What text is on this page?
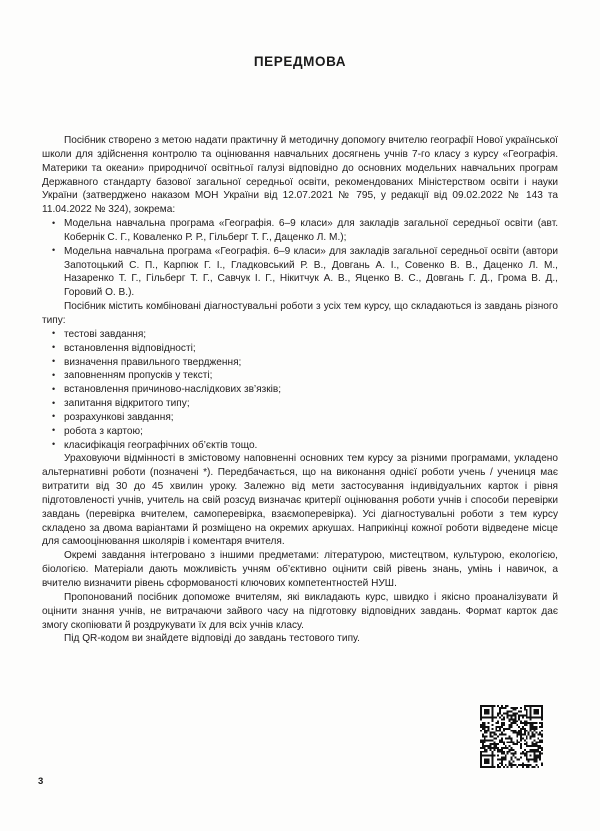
ПЕРЕДМОВА

Посібник створено з метою надати практичну й методичну допомогу вчителю географії Нової української школи для здійснення контролю та оцінювання навчальних досягнень учнів 7-го класу з курсу «Географія. Материки та океани» природничої освітньої галузі відповідно до основних модельних навчальних програм Державного стандарту базової загальної середньої освіти, рекомендованих Міністерством освіти і науки України (затверджено наказом МОН України від 12.07.2021 № 795, у редакції від 09.02.2022 № 143 та 11.04.2022 № 324), зокрема:

• Модельна навчальна програма «Географія. 6–9 класи» для закладів загальної середньої освіти (авт. Кобернік С. Г., Коваленко Р. Р., Гільберг Т. Г., Даценко Л. М.);
• Модельна навчальна програма «Географія. 6–9 класи» для закладів загальної середньої освіти (автори Запотоцький С. П., Карпюк Г. І., Гладковський Р. В., Довгань А. І., Совенко В. В., Даценко Л. М., Назаренко Т. Г., Гільберг Т. Г., Савчук І. Г., Нікитчук А. В., Яценко В. С., Довгань Г. Д., Грома В. Д., Горовий О. В.).

Посібник містить комбіновані діагностувальні роботи з усіх тем курсу, що складаються із завдань різного типу:

• тестові завдання;
• встановлення відповідності;
• визначення правильного твердження;
• заповненням пропусків у тексті;
• встановлення причиново-наслідкових зв’язків;
• запитання відкритого типу;
• розрахункові завдання;
• робота з картою;
• класифікація географічних об’єктів тощо.

Ураховуючи відмінності в змістовому наповненні основних тем курсу за різними програмами, укладено альтернативні роботи (позначені *). Передбачається, що на виконання однієї роботи учень / учениця має витратити від 30 до 45 хвилин уроку. Залежно від мети застосування індивідуальних карток і рівня підготовленості учнів, учитель на свій розсуд визначає критерії оцінювання роботи учнів і способи перевірки завдань (перевірка вчителем, самоперевірка, взаємоперевірка). Усі діагностувальні роботи з тем курсу складено за двома варіантами й розміщено на окремих аркушах. Наприкінці кожної роботи відведене місце для самооцінювання школярів і коментаря вчителя.

Окремі завдання інтегровано з іншими предметами: літературою, мистецтвом, культурою, екологією, біологією. Матеріали дають можливість учням об’єктивно оцінити свій рівень знань, умінь і навичок, а вчителю визначити рівень сформованості ключових компетентностей НУШ.

Пропонований посібник допоможе вчителям, які викладають курс, швидко і якісно проаналізувати й оцінити знання учнів, не витрачаючи зайвого часу на підготовку відповідних завдань. Формат карток дає змогу скопіювати й роздрукувати їх для всіх учнів класу.

Під QR-кодом ви знайдете відповіді до завдань тестового типу.

3
